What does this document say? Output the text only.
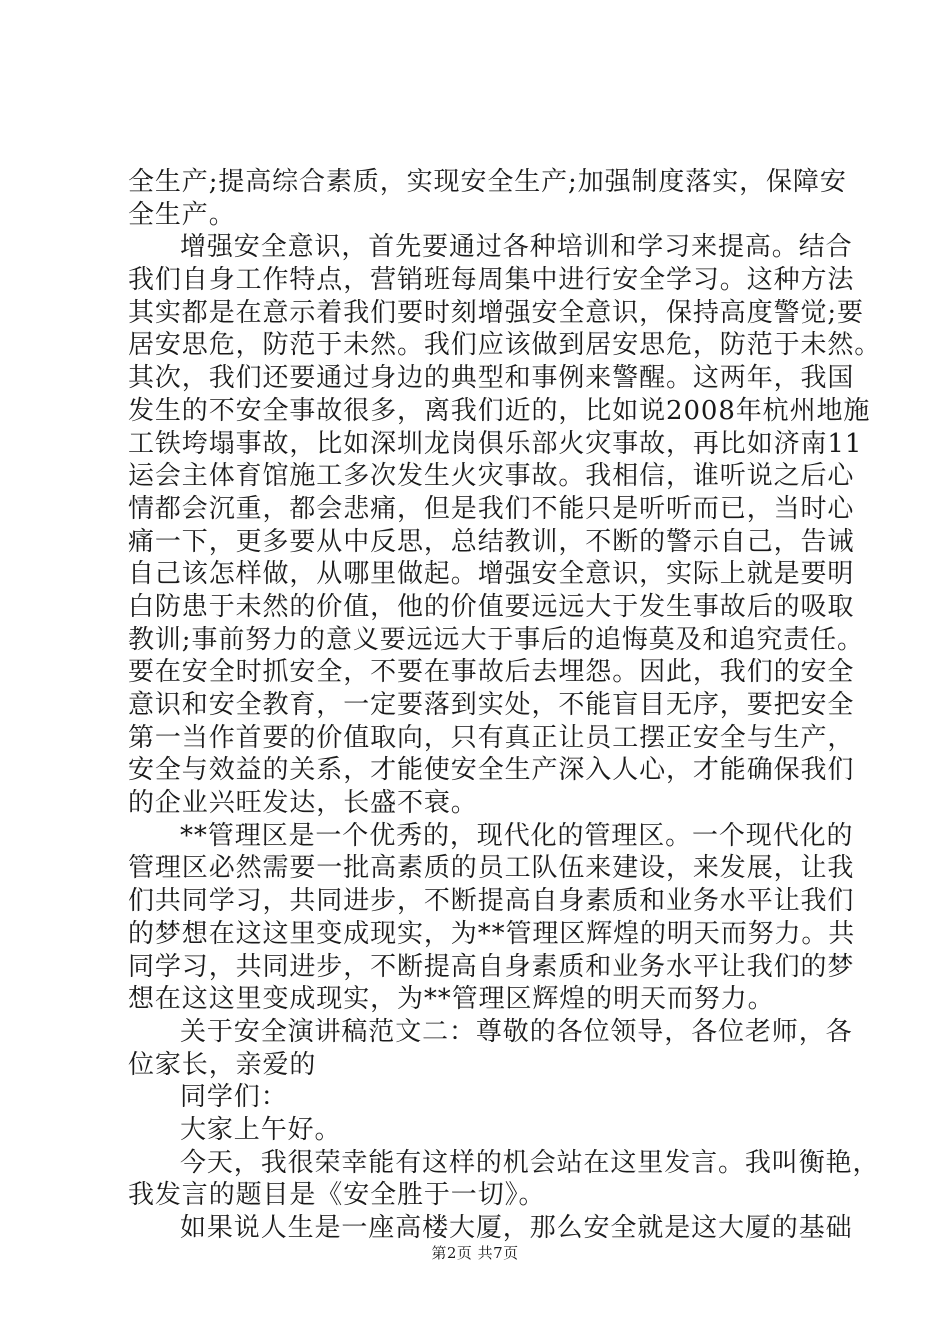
全生产;提高综合素质，实现安全生产;加强制度落实，保障安
全生产。
增强安全意识，首先要通过各种培训和学习来提高。结合
我们自身工作特点，营销班每周集中进行安全学习。这种方法
其实都是在意示着我们要时刻增强安全意识，保持高度警觉;要
居安思危，防范于未然。我们应该做到居安思危，防范于未然。
其次，我们还要通过身边的典型和事例来警醒。这两年，我国
发生的不安全事故很多，离我们近的，比如说2008年杭州地施
工铁垮塌事故，比如深圳龙岗俱乐部火灾事故，再比如济南11
运会主体育馆施工多次发生火灾事故。我相信，谁听说之后心
情都会沉重，都会悲痛，但是我们不能只是听听而已，当时心
痛一下，更多要从中反思，总结教训，不断的警示自己，告诫
自己该怎样做，从哪里做起。增强安全意识，实际上就是要明
白防患于未然的价值，他的价值要远远大于发生事故后的吸取
教训;事前努力的意义要远远大于事后的追悔莫及和追究责任。
要在安全时抓安全，不要在事故后去埋怨。因此，我们的安全
意识和安全教育，一定要落到实处，不能盲目无序，要把安全
第一当作首要的价值取向，只有真正让员工摆正安全与生产，
安全与效益的关系，才能使安全生产深入人心，才能确保我们
的企业兴旺发达，长盛不衰。
**管理区是一个优秀的，现代化的管理区。一个现代化的
管理区必然需要一批高素质的员工队伍来建设，来发展，让我
们共同学习，共同进步，不断提高自身素质和业务水平让我们
的梦想在这这里变成现实，为**管理区辉煌的明天而努力。共
同学习，共同进步，不断提高自身素质和业务水平让我们的梦
想在这这里变成现实，为**管理区辉煌的明天而努力。
关于安全演讲稿范文二：尊敬的各位领导，各位老师，各
位家长，亲爱的
同学们：
大家上午好。
今天，我很荣幸能有这样的机会站在这里发言。我叫衡艳，
我发言的题目是《安全胜于一切》。
如果说人生是一座高楼大厦，那么安全就是这大厦的基础
第2页 共7页
